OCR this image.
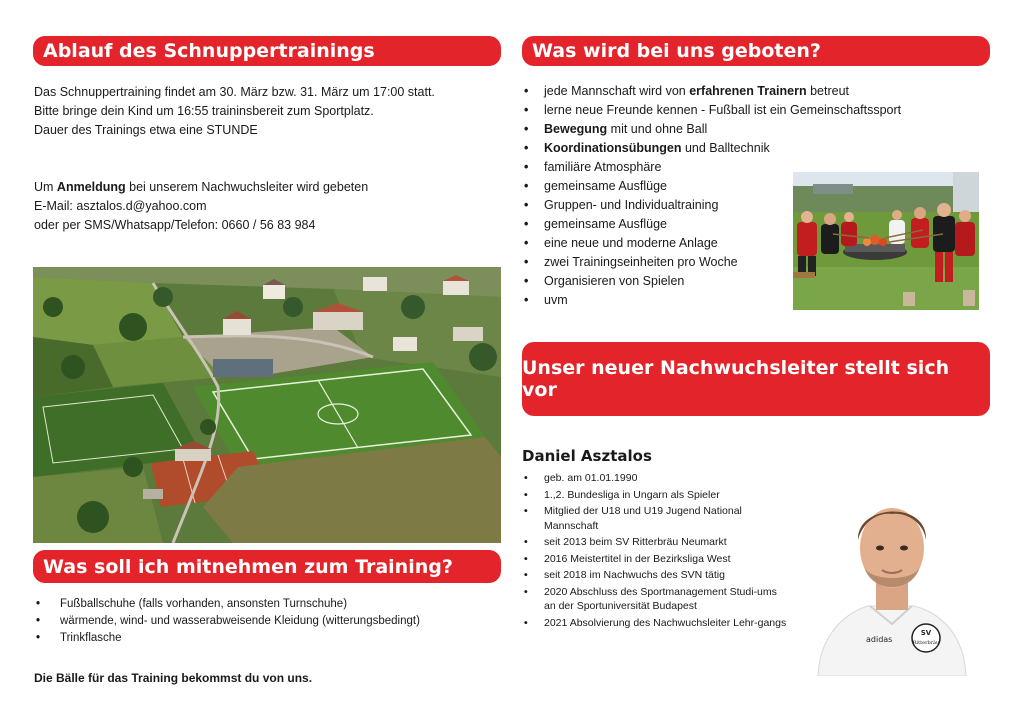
Ablauf des Schnuppertrainings	Was wird bei uns geboten?
Unser neuer Nachwuchsleiter stellt sich vor
Was soll ich mitnehmen zum Training?
Das Schnuppertraining findet am 30. März bzw. 31. März um 17:00 statt.
Bitte bringe dein Kind um 16:55 traininsbereit zum Sportplatz.
Dauer des Trainings etwa eine STUNDE
Um Anmeldung bei unserem Nachwuchsleiter wird gebeten
E-Mail: asztalos.d@yahoo.com
oder per SMS/Whatsapp/Telefon: 0660 / 56 83 984
• jede Mannschaft wird von erfahrenen Trainern betreut
• lerne neue Freunde kennen - Fußball ist ein Gemeinschaftssport
• Bewegung mit und ohne Ball
• Koordinationsübungen und Balltechnik
• familiäre Atmosphäre
• gemeinsame Ausflüge
• Gruppen- und Individualtraining
• gemeinsame Ausflüge
• eine neue und moderne Anlage
• zwei Trainingseinheiten pro Woche
• Organisieren von Spielen
• uvm
Daniel Asztalos
• geb. am 01.01.1990
• 1.,2. Bundesliga in Ungarn als Spieler
• Mitglied der U18 und U19 Jugend National Mannschaft
• seit 2013 beim SV Ritterbräu Neumarkt
• 2016 Meistertitel in der Bezirksliga West
• seit 2018 im Nachwuchs des SVN tätig
• 2020 Abschluss des Sportmanagement Studi-ums an der Sportuniversität Budapest
• 2021 Absolvierung des Nachwuchsleiter Lehr-gangs
adidas
SV
Ritterbräu
• Fußballschuhe (falls vorhanden, ansonsten Turnschuhe)
• wärmende, wind- und wasserabweisende Kleidung (witterungsbedingt)
• Trinkflasche
Die Bälle für das Training bekommst du von uns.
